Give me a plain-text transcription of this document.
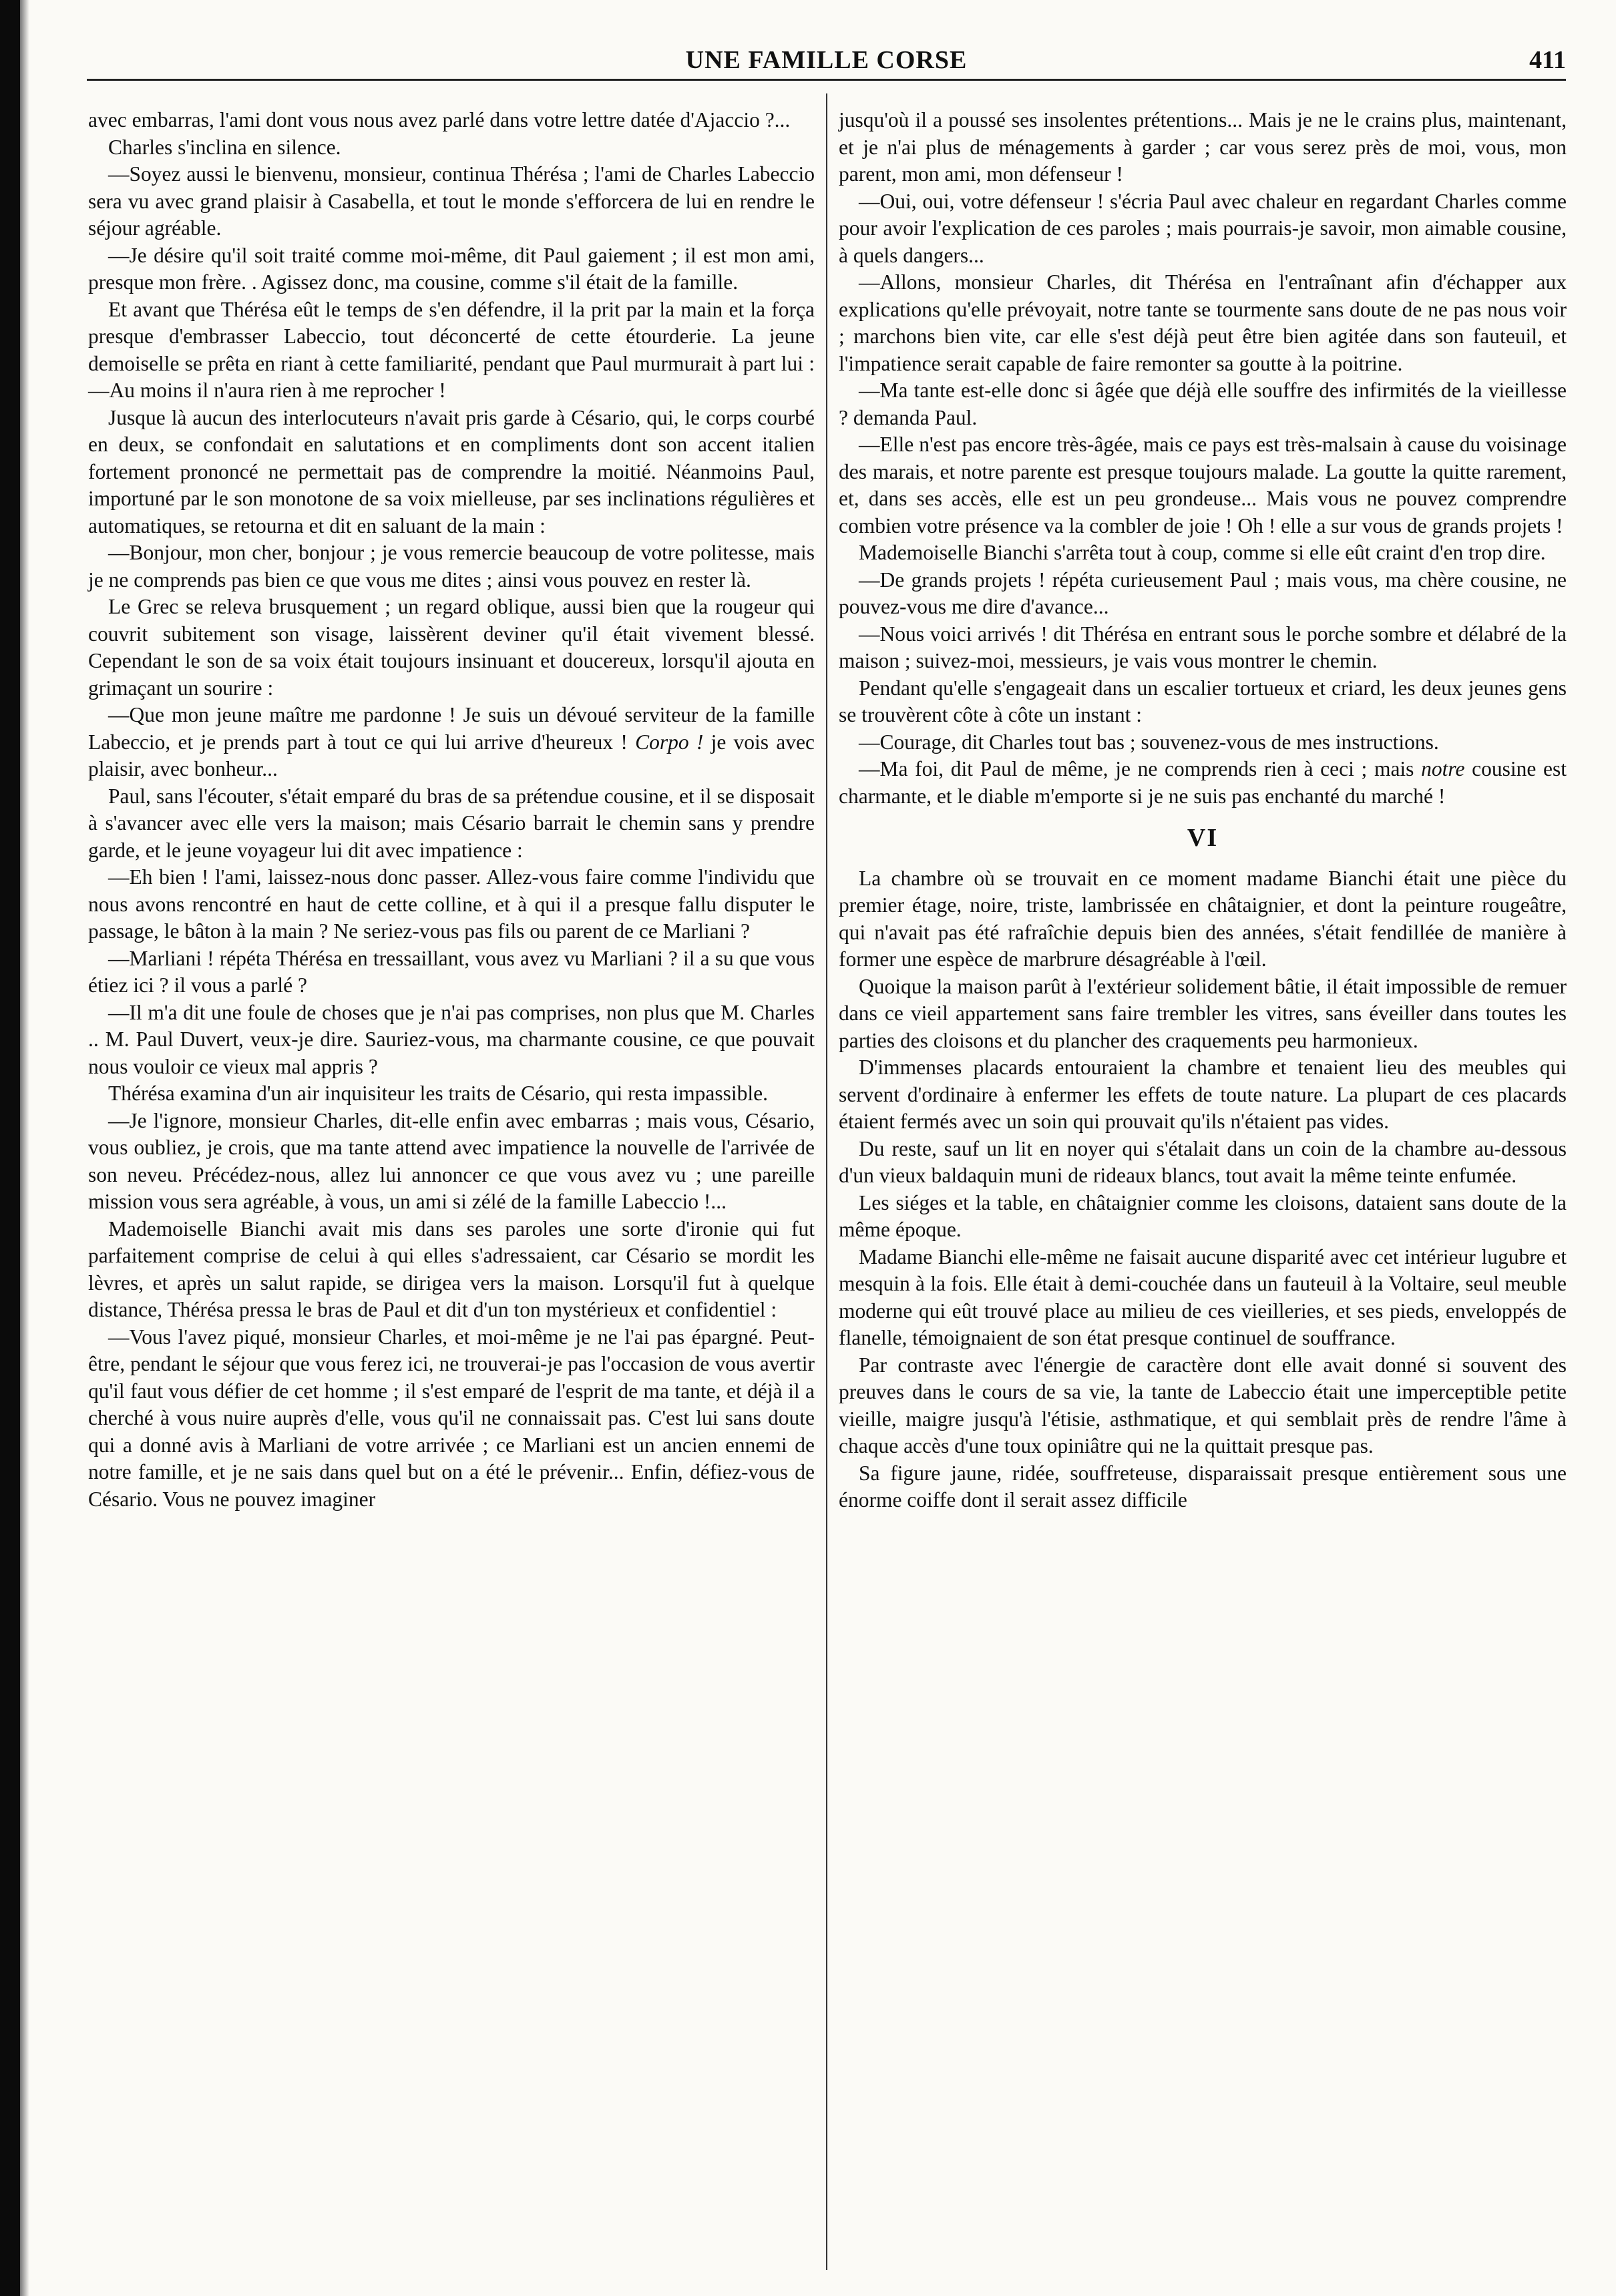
UNE FAMILLE CORSE	411

avec embarras, l'ami dont vous nous avez parlé dans votre lettre datée d'Ajaccio ?...

Charles s'inclina en silence.

—Soyez aussi le bienvenu, monsieur, continua Thérésa ; l'ami de Charles Labeccio sera vu avec grand plaisir à Casabella, et tout le monde s'efforcera de lui en rendre le séjour agréable.

—Je désire qu'il soit traité comme moi-même, dit Paul gaiement ; il est mon ami, presque mon frère. . Agissez donc, ma cousine, comme s'il était de la famille.

Et avant que Thérésa eût le temps de s'en défendre, il la prit par la main et la força presque d'embrasser Labeccio, tout déconcerté de cette étourderie. La jeune demoiselle se prêta en riant à cette familiarité, pendant que Paul murmurait à part lui :—Au moins il n'aura rien à me reprocher !

Jusque là aucun des interlocuteurs n'avait pris garde à Césario, qui, le corps courbé en deux, se confondait en salutations et en compliments dont son accent italien fortement prononcé ne permettait pas de comprendre la moitié. Néanmoins Paul, importuné par le son monotone de sa voix mielleuse, par ses inclinations régulières et automatiques, se retourna et dit en saluant de la main :

—Bonjour, mon cher, bonjour ; je vous remercie beaucoup de votre politesse, mais je ne comprends pas bien ce que vous me dites ; ainsi vous pouvez en rester là.

Le Grec se releva brusquement ; un regard oblique, aussi bien que la rougeur qui couvrit subitement son visage, laissèrent deviner qu'il était vivement blessé. Cependant le son de sa voix était toujours insinuant et doucereux, lorsqu'il ajouta en grimaçant un sourire :

—Que mon jeune maître me pardonne ! Je suis un dévoué serviteur de la famille Labeccio, et je prends part à tout ce qui lui arrive d'heureux ! Corpo ! je vois avec plaisir, avec bonheur...

Paul, sans l'écouter, s'était emparé du bras de sa prétendue cousine, et il se disposait à s'avancer avec elle vers la maison; mais Césario barrait le chemin sans y prendre garde, et le jeune voyageur lui dit avec impatience :

—Eh bien ! l'ami, laissez-nous donc passer. Allez-vous faire comme l'individu que nous avons rencontré en haut de cette colline, et à qui il a presque fallu disputer le passage, le bâton à la main ? Ne seriez-vous pas fils ou parent de ce Marliani ?

—Marliani ! répéta Thérésa en tressaillant, vous avez vu Marliani ? il a su que vous étiez ici ? il vous a parlé ?

—Il m'a dit une foule de choses que je n'ai pas comprises, non plus que M. Charles .. M. Paul Duvert, veux-je dire. Sauriez-vous, ma charmante cousine, ce que pouvait nous vouloir ce vieux mal appris ?

Thérésa examina d'un air inquisiteur les traits de Césario, qui resta impassible.

—Je l'ignore, monsieur Charles, dit-elle enfin avec embarras ; mais vous, Césario, vous oubliez, je crois, que ma tante attend avec impatience la nouvelle de l'arrivée de son neveu. Précédez-nous, allez lui annoncer ce que vous avez vu ; une pareille mission vous sera agréable, à vous, un ami si zélé de la famille Labeccio !...

Mademoiselle Bianchi avait mis dans ses paroles une sorte d'ironie qui fut parfaitement comprise de celui à qui elles s'adressaient, car Césario se mordit les lèvres, et après un salut rapide, se dirigea vers la maison. Lorsqu'il fut à quelque distance, Thérésa pressa le bras de Paul et dit d'un ton mystérieux et confidentiel :

—Vous l'avez piqué, monsieur Charles, et moi-même je ne l'ai pas épargné. Peut-être, pendant le séjour que vous ferez ici, ne trouverai-je pas l'occasion de vous avertir qu'il faut vous défier de cet homme ; il s'est emparé de l'esprit de ma tante, et déjà il a cherché à vous nuire auprès d'elle, vous qu'il ne connaissait pas. C'est lui sans doute qui a donné avis à Marliani de votre arrivée ; ce Marliani est un ancien ennemi de notre famille, et je ne sais dans quel but on a été le prévenir... Enfin, défiez-vous de Césario. Vous ne pouvez imaginer

jusqu'où il a poussé ses insolentes prétentions... Mais je ne le crains plus, maintenant, et je n'ai plus de ménagements à garder ; car vous serez près de moi, vous, mon parent, mon ami, mon défenseur !

—Oui, oui, votre défenseur ! s'écria Paul avec chaleur en regardant Charles comme pour avoir l'explication de ces paroles ; mais pourrais-je savoir, mon aimable cousine, à quels dangers...

—Allons, monsieur Charles, dit Thérésa en l'entraînant afin d'échapper aux explications qu'elle prévoyait, notre tante se tourmente sans doute de ne pas nous voir ; marchons bien vite, car elle s'est déjà peut être bien agitée dans son fauteuil, et l'impatience serait capable de faire remonter sa goutte à la poitrine.

—Ma tante est-elle donc si âgée que déjà elle souffre des infirmités de la vieillesse ? demanda Paul.

—Elle n'est pas encore très-âgée, mais ce pays est très-malsain à cause du voisinage des marais, et notre parente est presque toujours malade. La goutte la quitte rarement, et, dans ses accès, elle est un peu grondeuse... Mais vous ne pouvez comprendre combien votre présence va la combler de joie ! Oh ! elle a sur vous de grands projets !

Mademoiselle Bianchi s'arrêta tout à coup, comme si elle eût craint d'en trop dire.

—De grands projets ! répéta curieusement Paul ; mais vous, ma chère cousine, ne pouvez-vous me dire d'avance...

—Nous voici arrivés ! dit Thérésa en entrant sous le porche sombre et délabré de la maison ; suivez-moi, messieurs, je vais vous montrer le chemin.

Pendant qu'elle s'engageait dans un escalier tortueux et criard, les deux jeunes gens se trouvèrent côte à côte un instant :

—Courage, dit Charles tout bas ; souvenez-vous de mes instructions.

—Ma foi, dit Paul de même, je ne comprends rien à ceci ; mais notre cousine est charmante, et le diable m'emporte si je ne suis pas enchanté du marché !

VI

La chambre où se trouvait en ce moment madame Bianchi était une pièce du premier étage, noire, triste, lambrissée en châtaignier, et dont la peinture rougeâtre, qui n'avait pas été rafraîchie depuis bien des années, s'était fendillée de manière à former une espèce de marbrure désagréable à l'œil.

Quoique la maison parût à l'extérieur solidement bâtie, il était impossible de remuer dans ce vieil appartement sans faire trembler les vitres, sans éveiller dans toutes les parties des cloisons et du plancher des craquements peu harmonieux.

D'immenses placards entouraient la chambre et tenaient lieu des meubles qui servent d'ordinaire à enfermer les effets de toute nature. La plupart de ces placards étaient fermés avec un soin qui prouvait qu'ils n'étaient pas vides.

Du reste, sauf un lit en noyer qui s'étalait dans un coin de la chambre au-dessous d'un vieux baldaquin muni de rideaux blancs, tout avait la même teinte enfumée.

Les siéges et la table, en châtaignier comme les cloisons, dataient sans doute de la même époque.

Madame Bianchi elle-même ne faisait aucune disparité avec cet intérieur lugubre et mesquin à la fois. Elle était à demi-couchée dans un fauteuil à la Voltaire, seul meuble moderne qui eût trouvé place au milieu de ces vieilleries, et ses pieds, enveloppés de flanelle, témoignaient de son état presque continuel de souffrance.

Par contraste avec l'énergie de caractère dont elle avait donné si souvent des preuves dans le cours de sa vie, la tante de Labeccio était une imperceptible petite vieille, maigre jusqu'à l'étisie, asthmatique, et qui semblait près de rendre l'âme à chaque accès d'une toux opiniâtre qui ne la quittait presque pas.

Sa figure jaune, ridée, souffreteuse, disparaissait presque entièrement sous une énorme coiffe dont il serait assez difficile
